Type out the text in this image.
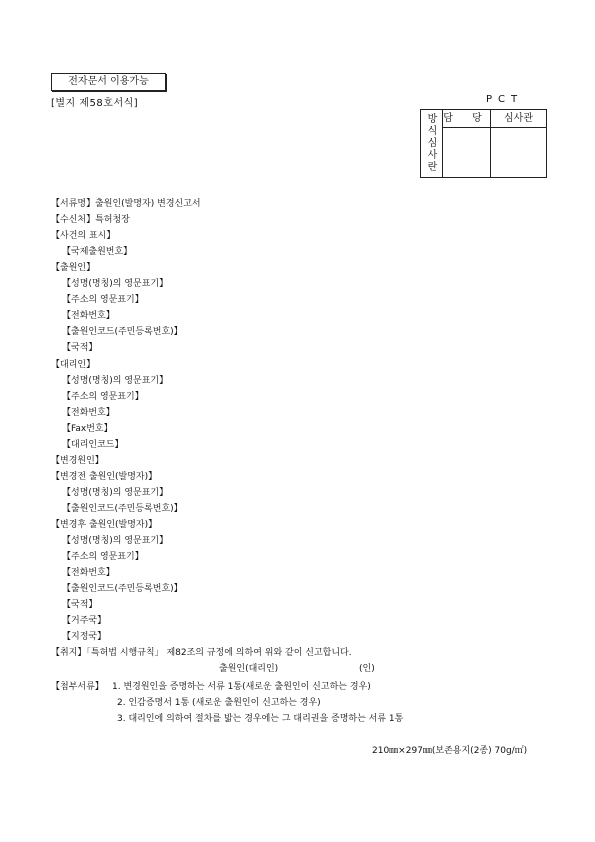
전자문서 이용가능
[별지 제58호서식]	PCT
방식심사란 담 당	심사관
【서류명】출원인(발명자) 변경신고서
【수신처】특허청장
【사건의 표시】
【국제출원번호】
【출원인】
【성명(명칭)의 영문표기】
【주소의 영문표기】
【전화번호】
【출원인코드(주민등록번호)】
【국적】
【대리인】
【성명(명칭)의 영문표기】
【주소의 영문표기】
【전화번호】
【Fax번호】
【대리인코드】
【변경원인】
【변경전 출원인(발명자)】
【성명(명칭)의 영문표기】
【출원인코드(주민등록번호)】
【변경후 출원인(발명자)】
【성명(명칭)의 영문표기】
【주소의 영문표기】
【전화번호】
【출원인코드(주민등록번호)】
【국적】
【거주국】
【지정국】
【취지】「특허법 시행규칙」 제82조의 규정에 의하여 위와 같이 신고합니다.
출원인(대리인)	(인)
【첨부서류】 1. 변경원인을 증명하는 서류 1통(새로운 출원인이 신고하는 경우)
2. 인감증명서 1통 (새로운 출원인이 신고하는 경우)
3. 대리인에 의하여 절차를 밟는 경우에는 그 대리권을 증명하는 서류 1통
210㎜×297㎜(보존용지(2종) 70g/㎡)
